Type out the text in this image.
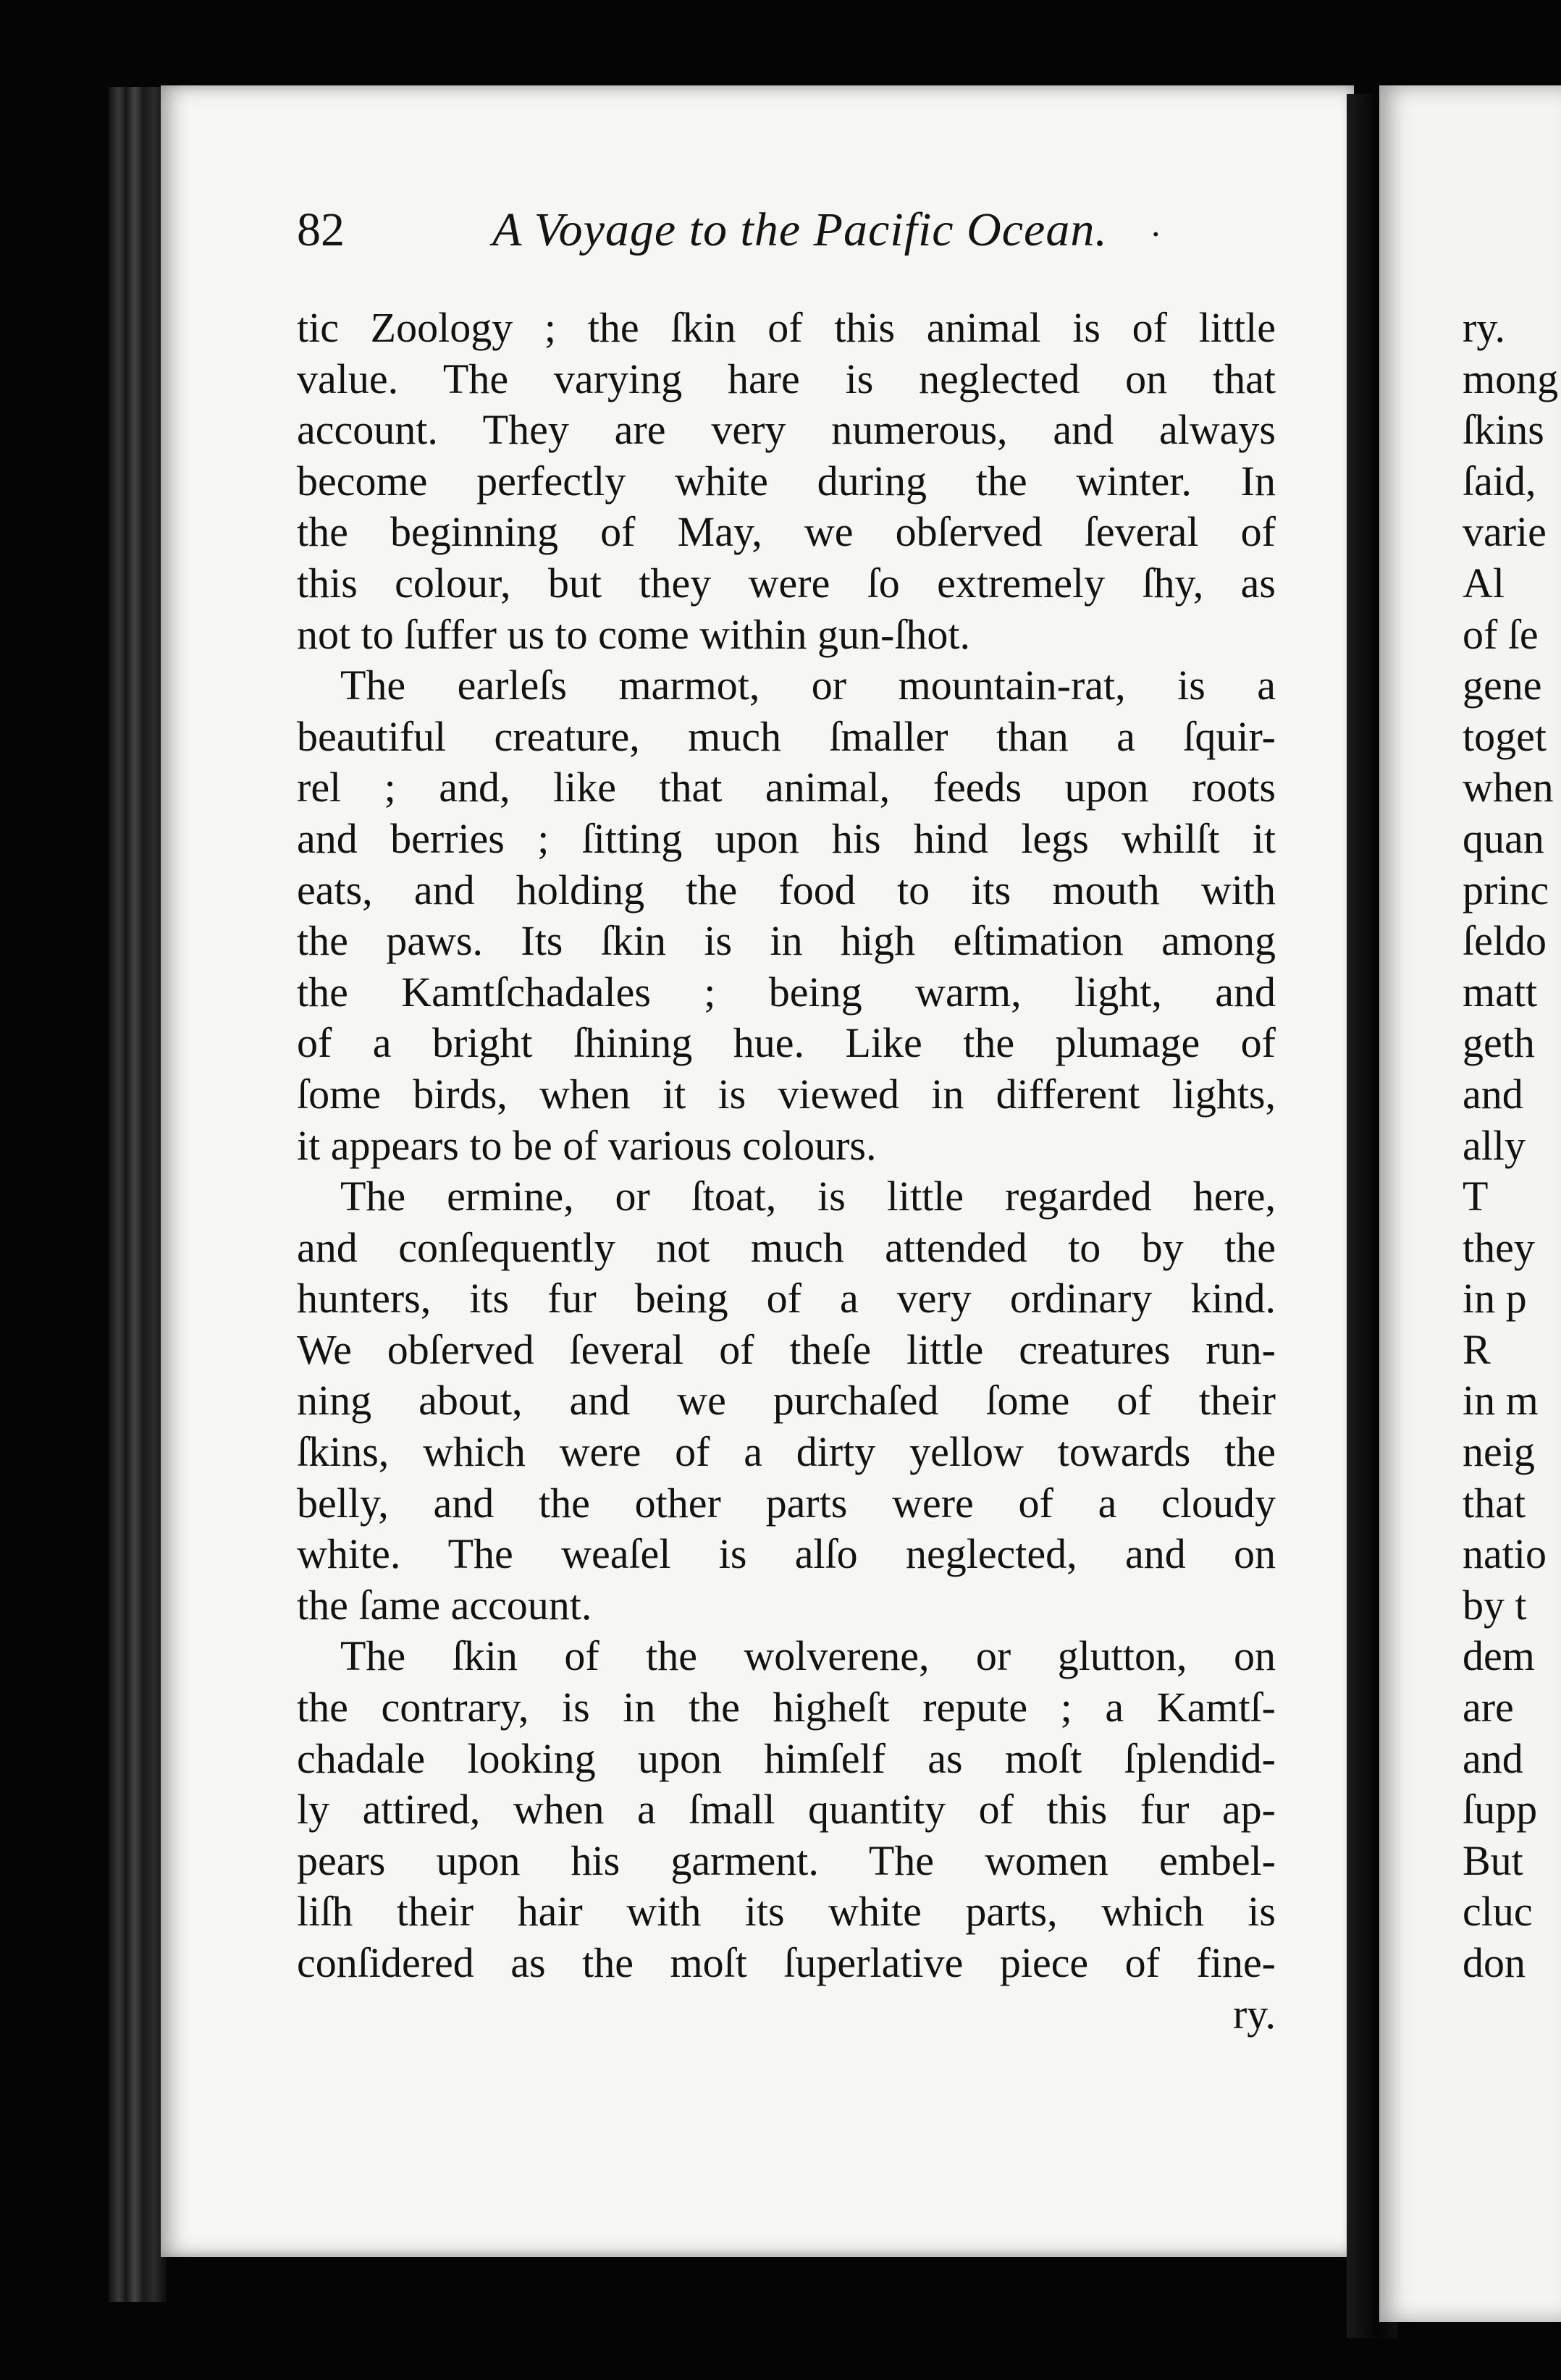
82	A Voyage to the Pacific Ocean. .
tic Zoology ; the ſkin of this animal is of little
value. The varying hare is neglected on that
account. They are very numerous, and always
become perfectly white during the winter. In
the beginning of May, we obſerved ſeveral of
this colour, but they were ſo extremely ſhy, as
not to ſuffer us to come within gun-ſhot.
The earleſs marmot, or mountain-rat, is a
beautiful creature, much ſmaller than a ſquir-
rel ; and, like that animal, feeds upon roots
and berries ; ſitting upon his hind legs whilſt it
eats, and holding the food to its mouth with
the paws. Its ſkin is in high eſtimation among
the Kamtſchadales ; being warm, light, and
of a bright ſhining hue. Like the plumage of
ſome birds, when it is viewed in different lights,
it appears to be of various colours.
The ermine, or ſtoat, is little regarded here,
and conſequently not much attended to by the
hunters, its fur being of a very ordinary kind.
We obſerved ſeveral of theſe little creatures run-
ning about, and we purchaſed ſome of their
ſkins, which were of a dirty yellow towards the
belly, and the other parts were of a cloudy
white. The weaſel is alſo neglected, and on
the ſame account.
The ſkin of the wolverene, or glutton, on
the contrary, is in the higheſt repute ; a Kamtſ-
chadale looking upon himſelf as moſt ſplendid-
ly attired, when a ſmall quantity of this fur ap-
pears upon his garment. The women embel-
liſh their hair with its white parts, which is
conſidered as the moſt ſuperlative piece of fine-
ry.
ry.
mong
ſkins
ſaid,
varie
Al
of ſe
gene
toget
when
quan
princ
ſeldo
matt
geth
and
ally
T
they
in p
R
in m
neig
that
natio
by t
dem
are
and
ſupp
But
cluc
don
